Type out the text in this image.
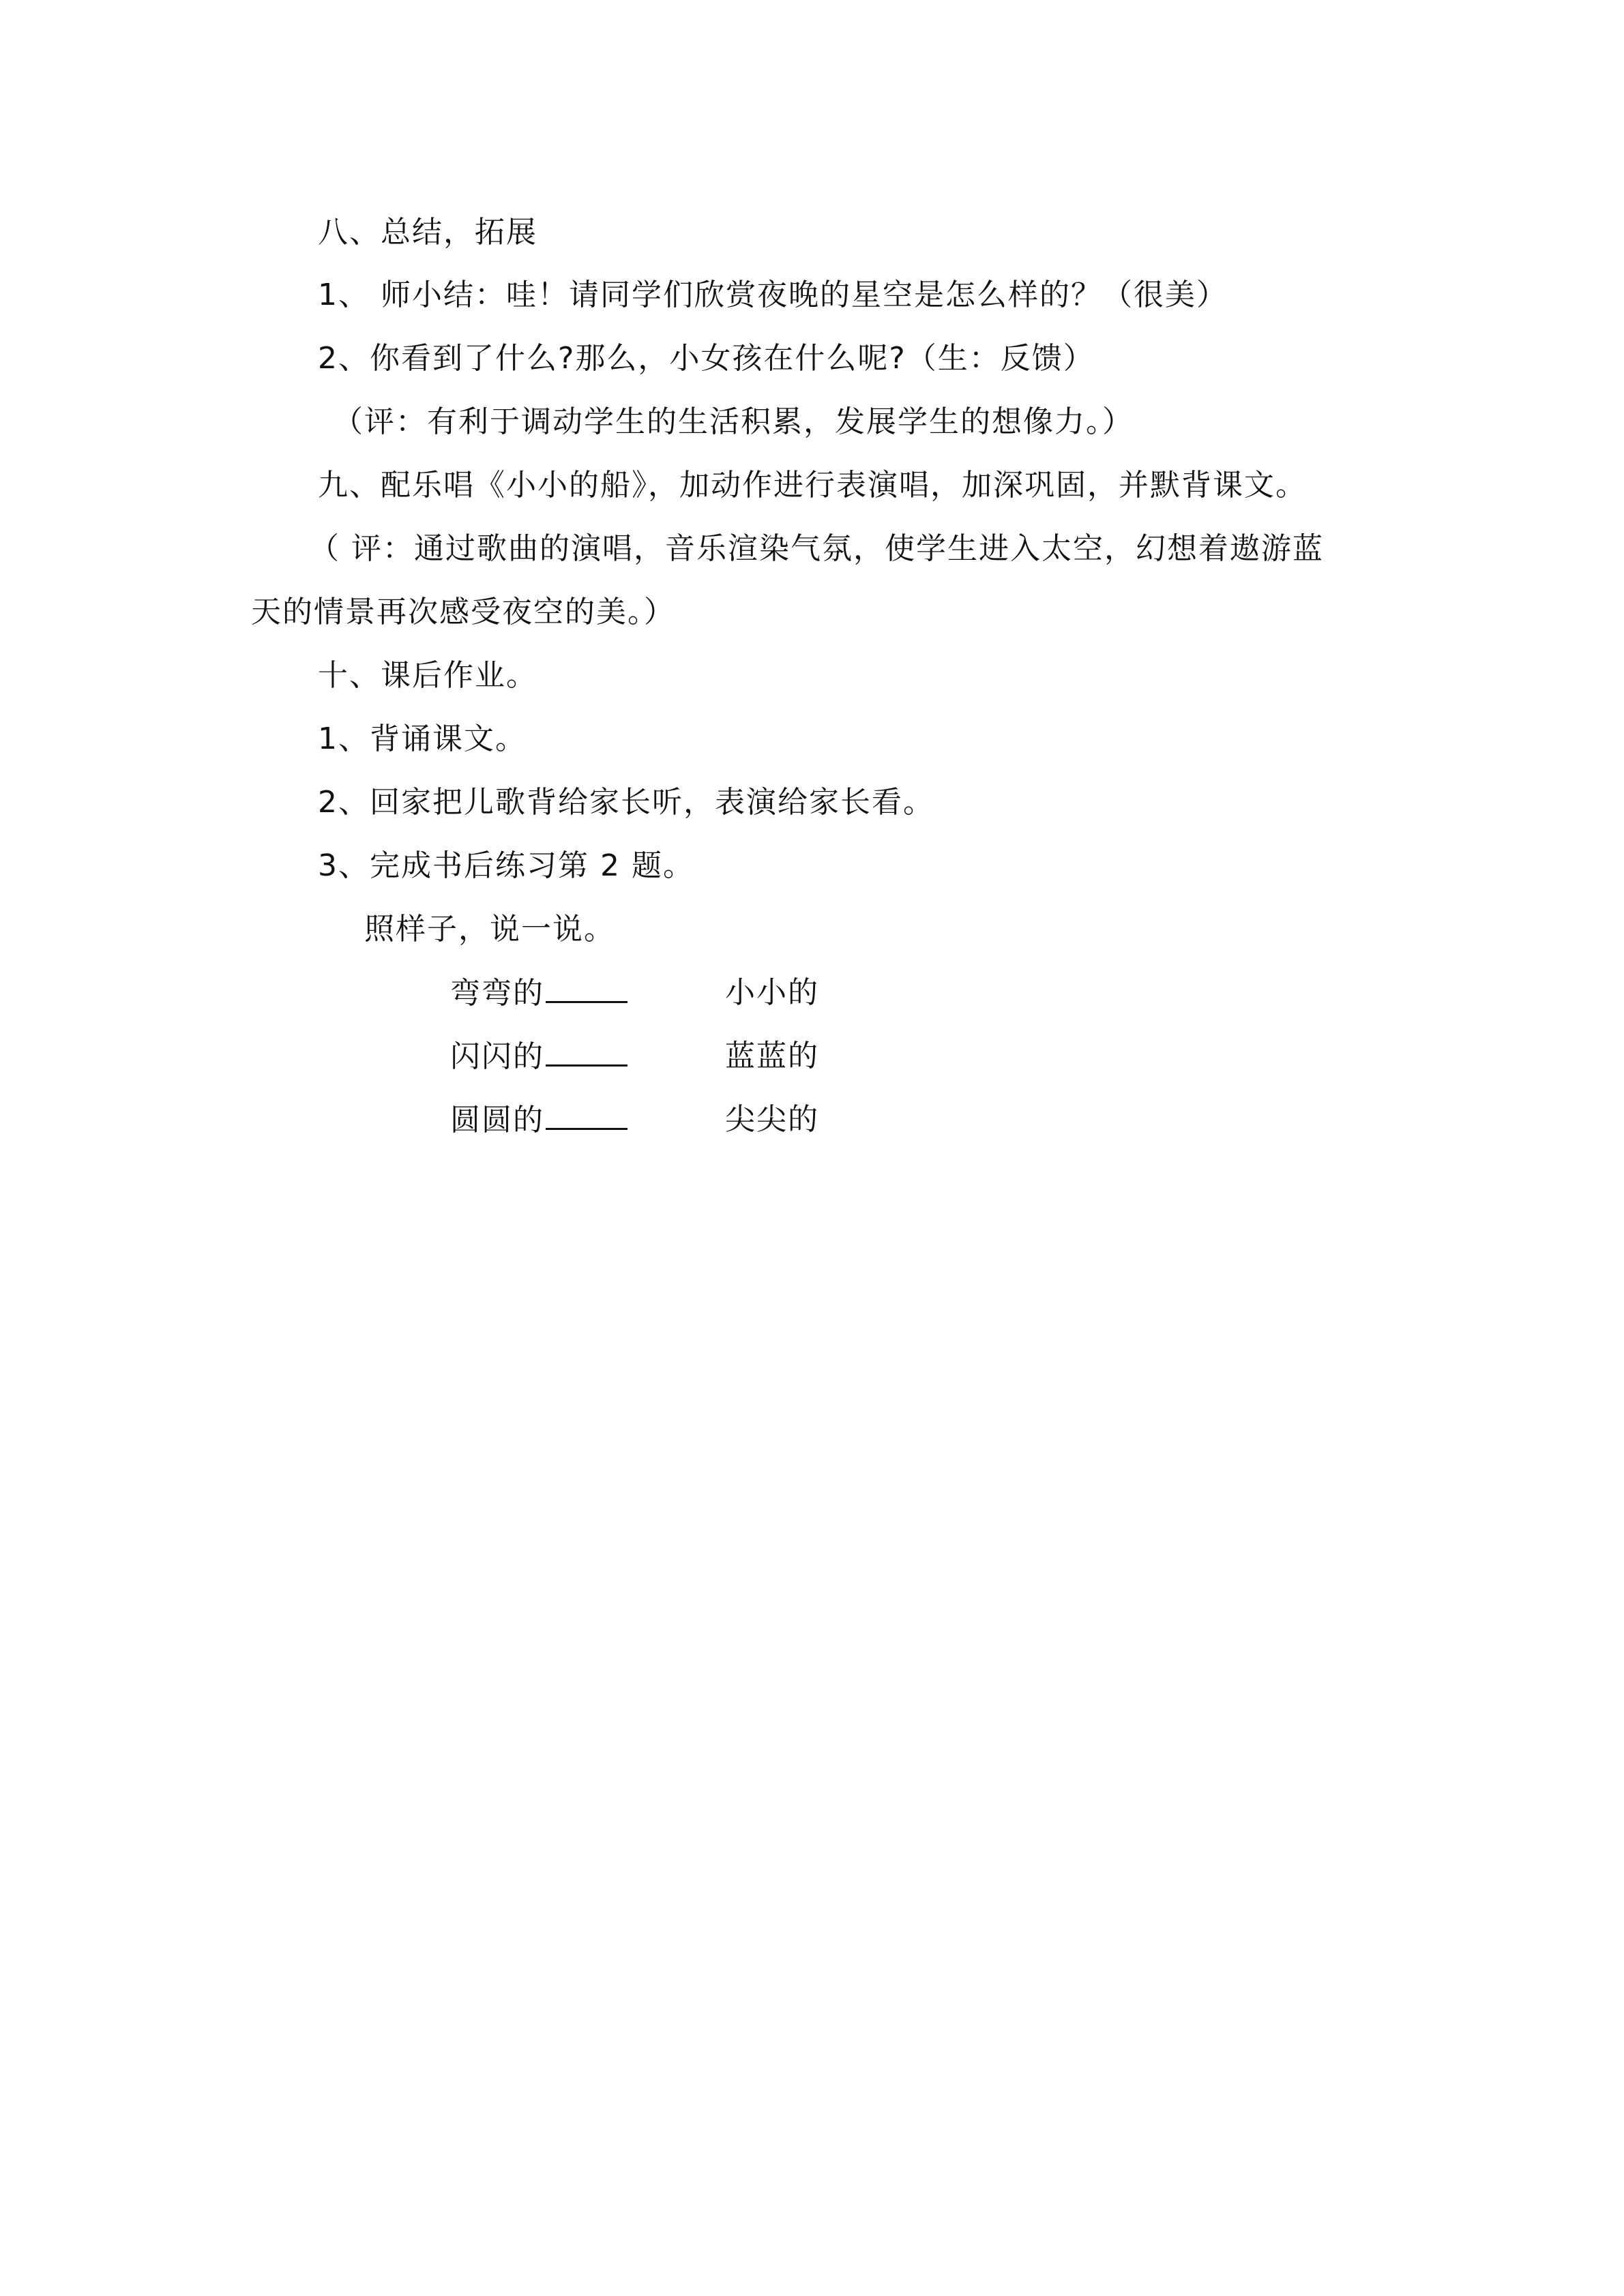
八、总结，拓展
1、 师小结：哇！请同学们欣赏夜晚的星空是怎么样的？（很美）
2、你看到了什么?那么，小女孩在什么呢?（生：反馈）
（评：有利于调动学生的生活积累，发展学生的想像力。）
九、配乐唱《小小的船》，加动作进行表演唱，加深巩固，并默背课文。
（ 评：通过歌曲的演唱，音乐渲染气氛，使学生进入太空，幻想着遨游蓝
天的情景再次感受夜空的美。）
十、课后作业。
1、背诵课文。
2、回家把儿歌背给家长听，表演给家长看。
3、完成书后练习第 2 题。
照样子，说一说。
弯弯的	小小的
闪闪的	蓝蓝的
圆圆的	尖尖的
